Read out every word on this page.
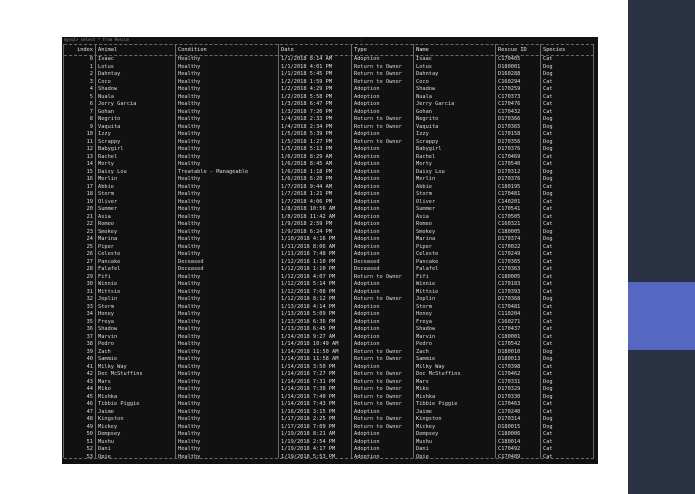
mysql> select * from Rescue	;
index	Animal	Condition	Date	Type	Name	Rescue ID	Species
0	Isaac	Healthy	1/1/2018 8:14 AM	Adoption	Isaac	C170405	Cat
1	Lotus	Healthy	1/1/2018 4:01 PM	Return to Owner	Lotus	D180001	Dog
2	Dahntay	Healthy	1/1/2018 5:45 PM	Return to Owner	Dahntay	D160288	Dog
3	Coco	Healthy	1/2/2018 1:59 PM	Return to Owner	Coco	C160294	Cat
4	Shadow	Healthy	1/2/2018 4:29 PM	Adoption	Shadow	C170259	Cat
5	Nuala	Healthy	1/2/2018 5:58 PM	Adoption	Nuala	C170373	Cat
6	Jerry Garcia	Healthy	1/3/2018 6:47 PM	Adoption	Jerry Garcia	C170476	Cat
7	Gohan	Healthy	1/3/2018 7:20 PM	Adoption	Gohan	C170432	Cat
8	Negrito	Healthy	1/4/2018 2:33 PM	Return to Owner	Negrito	D170366	Dog
9	Vaquita	Healthy	1/4/2018 2:34 PM	Return to Owner	Vaquita	D170365	Dog
10	Izzy	Healthy	1/5/2018 5:39 PM	Adoption	Izzy	C170158	Cat
11	Scrappy	Healthy	1/5/2018 1:27 PM	Return to Owner	Scrappy	D170356	Dog
12	Babygirl	Healthy	1/5/2018 5:13 PM	Adoption	Babygirl	D170376	Dog
13	Rachel	Healthy	1/6/2018 8:29 AM	Adoption	Rachel	C170469	Cat
14	Morty	Healthy	1/6/2018 8:45 AM	Adoption	Morty	C170540	Cat
15	Daisy Lou	Treatable - Manageable	1/6/2018 1:18 PM	Adoption	Daisy Lou	D170312	Dog
16	Merlin	Healthy	1/6/2018 6:20 PM	Adoption	Merlin	D170376	Dog
17	Abbie	Healthy	1/7/2018 9:44 AM	Adoption	Abbie	C180195	Cat
18	Storm	Healthy	1/7/2018 1:21 PM	Adoption	Storm	C170481	Dog
19	Oliver	Healthy	1/7/2018 4:06 PM	Adoption	Oliver	C140201	Cat
20	Summer	Healthy	1/8/2018 10:56 AM	Adoption	Summer	C170541	Cat
21	Asia	Healthy	1/8/2018 11:42 AM	Adoption	Asia	C170505	Cat
22	Romeo	Healthy	1/9/2018 2:59 PM	Adoption	Romeo	C160321	Cat
23	Smokey	Healthy	1/9/2018 6:24 PM	Adoption	Smokey	C180005	Dog
24	Marina	Healthy	1/10/2018 4:16 PM	Adoption	Marina	D170374	Dog
25	Piper	Healthy	1/11/2018 8:06 AM	Adoption	Piper	C170022	Cat
26	Celeste	Healthy	1/11/2018 7:48 PM	Adoption	Celeste	C170249	Cat
27	Pancake	Deceased	1/12/2018 1:10 PM	Deceased	Pancake	C170365	Cat
28	Falafel	Deceased	1/12/2018 1:10 PM	Deceased	Falafel	C170363	Cat
29	Fifi	Healthy	1/12/2018 4:07 PM	Return to Owner	Fifi	C180005	Cat
30	Winnie	Healthy	1/12/2018 5:14 PM	Adoption	Winnie	C170183	Cat
31	Mittsie	Healthy	1/12/2018 7:08 PM	Adoption	Mittsie	C170393	Cat
32	Joplin	Healthy	1/12/2018 8:12 PM	Return to Owner	Joplin	D170368	Dog
33	Storm	Healthy	1/13/2018 4:14 PM	Adoption	Storm	C170481	Cat
34	Honey	Healthy	1/13/2018 5:09 PM	Adoption	Honey	C110204	Cat
35	Freya	Healthy	1/13/2018 6:36 PM	Adoption	Freya	C160271	Cat
36	Shadow	Healthy	1/13/2018 6:45 PM	Adoption	Shadow	C170437	Cat
37	Marvin	Healthy	1/14/2018 9:27 AM	Adoption	Marvin	C180001	Cat
38	Pedro	Healthy	1/14/2018 10:49 AM	Adoption	Pedro	C170542	Cat
39	Zach	Healthy	1/14/2018 11:50 AM	Return to Owner	Zach	D180010	Dog
40	Sammie	Healthy	1/14/2018 11:58 AM	Return to Owner	Sammie	D180013	Dog
41	Milky Way	Healthy	1/14/2018 3:50 PM	Adoption	Milky Way	C170398	Cat
42	Doc McStuffins	Healthy	1/14/2018 7:27 PM	Return to Owner	Doc McStuffins	C170462	Cat
43	Mars	Healthy	1/14/2018 7:31 PM	Return to Owner	Mars	C170331	Dog
44	Miko	Healthy	1/14/2018 7:38 PM	Return to Owner	Miko	D170329	Dog
45	Mishka	Healthy	1/14/2018 7:40 PM	Return to Owner	Mishka	D170330	Dog
46	Tibbie Piggie	Healthy	1/14/2018 7:43 PM	Return to Owner	Tibbie Piggie	C170463	Cat
47	Jaime	Healthy	1/16/2018 3:15 PM	Adoption	Jaime	C170240	Cat
48	Kingston	Healthy	1/17/2018 2:25 PM	Return to Owner	Kingston	D170314	Dog
49	Mickey	Healthy	1/17/2018 7:09 PM	Return to Owner	Mickey	D180015	Dog
50	Dempsey	Healthy	1/19/2018 8:21 AM	Adoption	Dempsey	C180006	Cat
51	Mushu	Healthy	1/19/2018 2:54 PM	Adoption	Mushu	C180014	Cat
52	Dani	Healthy	1/19/2018 4:17 PM	Adoption	Dani	C170492	Cat
53	Opie	Healthy	1/19/2018 5:53 PM	Adoption	Opie	C170489	Cat
